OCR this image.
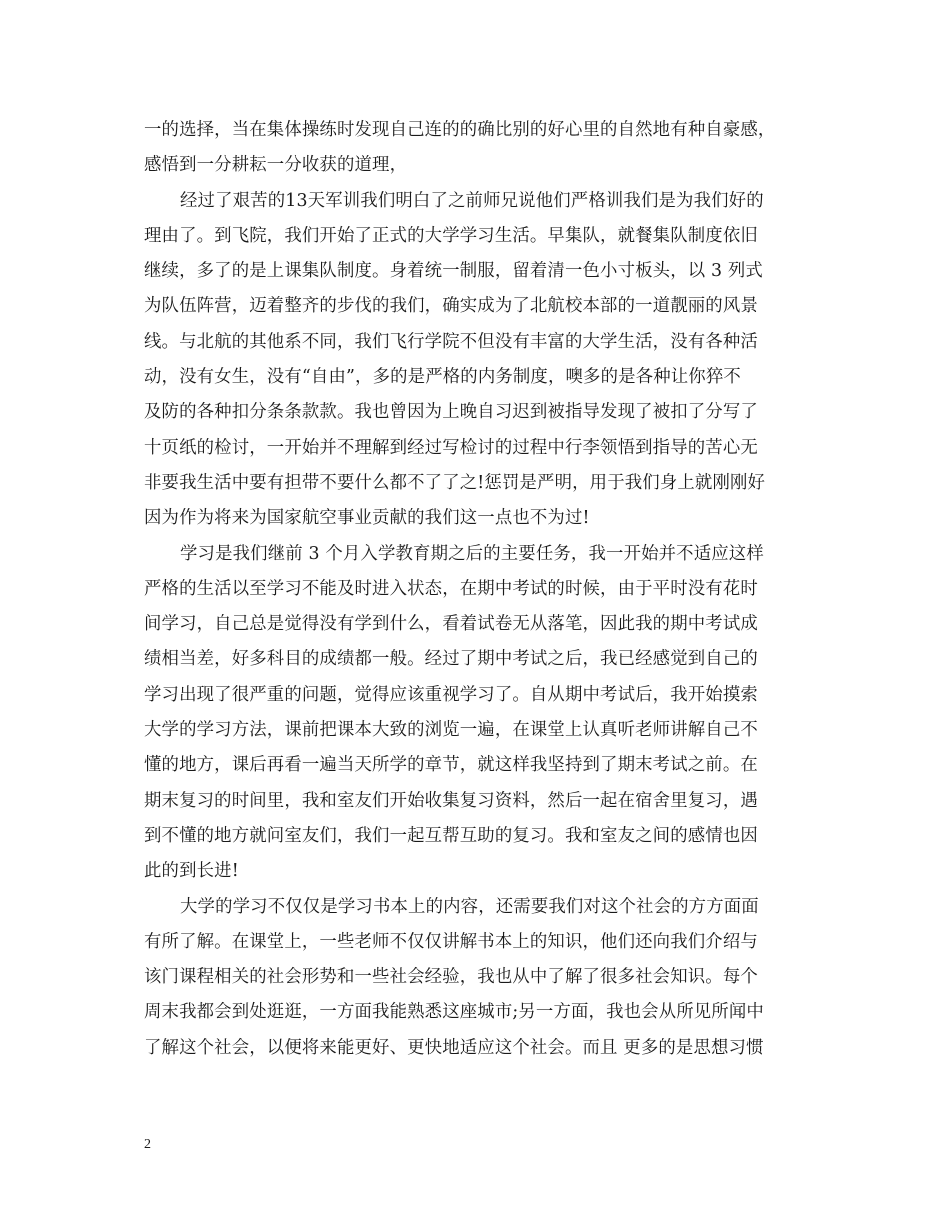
一的选择，当在集体操练时发现自己连的的确比别的好心里的自然地有种自豪感，
感悟到一分耕耘一分收获的道理，
经过了艰苦的13天军训我们明白了之前师兄说他们严格训我们是为我们好的
理由了。到飞院，我们开始了正式的大学学习生活。早集队，就餐集队制度依旧
继续，多了的是上课集队制度。身着统一制服，留着清一色小寸板头，以 3 列式
为队伍阵营，迈着整齐的步伐的我们，确实成为了北航校本部的一道靓丽的风景
线。与北航的其他系不同，我们飞行学院不但没有丰富的大学生活，没有各种活
动，没有女生，没有“自由”，多的是严格的内务制度，噢多的是各种让你猝不
及防的各种扣分条条款款。我也曾因为上晚自习迟到被指导发现了被扣了分写了
十页纸的检讨，一开始并不理解到经过写检讨的过程中行李领悟到指导的苦心无
非要我生活中要有担带不要什么都不了了之!惩罚是严明，用于我们身上就刚刚好
因为作为将来为国家航空事业贡献的我们这一点也不为过!
学习是我们继前 3 个月入学教育期之后的主要任务，我一开始并不适应这样
严格的生活以至学习不能及时进入状态，在期中考试的时候，由于平时没有花时
间学习，自己总是觉得没有学到什么，看着试卷无从落笔，因此我的期中考试成
绩相当差，好多科目的成绩都一般。经过了期中考试之后，我已经感觉到自己的
学习出现了很严重的问题，觉得应该重视学习了。自从期中考试后，我开始摸索
大学的学习方法，课前把课本大致的浏览一遍，在课堂上认真听老师讲解自己不
懂的地方，课后再看一遍当天所学的章节，就这样我坚持到了期末考试之前。在
期末复习的时间里，我和室友们开始收集复习资料，然后一起在宿舍里复习，遇
到不懂的地方就问室友们，我们一起互帮互助的复习。我和室友之间的感情也因
此的到长进!
大学的学习不仅仅是学习书本上的内容，还需要我们对这个社会的方方面面
有所了解。在课堂上，一些老师不仅仅讲解书本上的知识，他们还向我们介绍与
该门课程相关的社会形势和一些社会经验，我也从中了解了很多社会知识。每个
周末我都会到处逛逛，一方面我能熟悉这座城市;另一方面，我也会从所见所闻中
了解这个社会，以便将来能更好、更快地适应这个社会。而且 更多的是思想习惯
2
